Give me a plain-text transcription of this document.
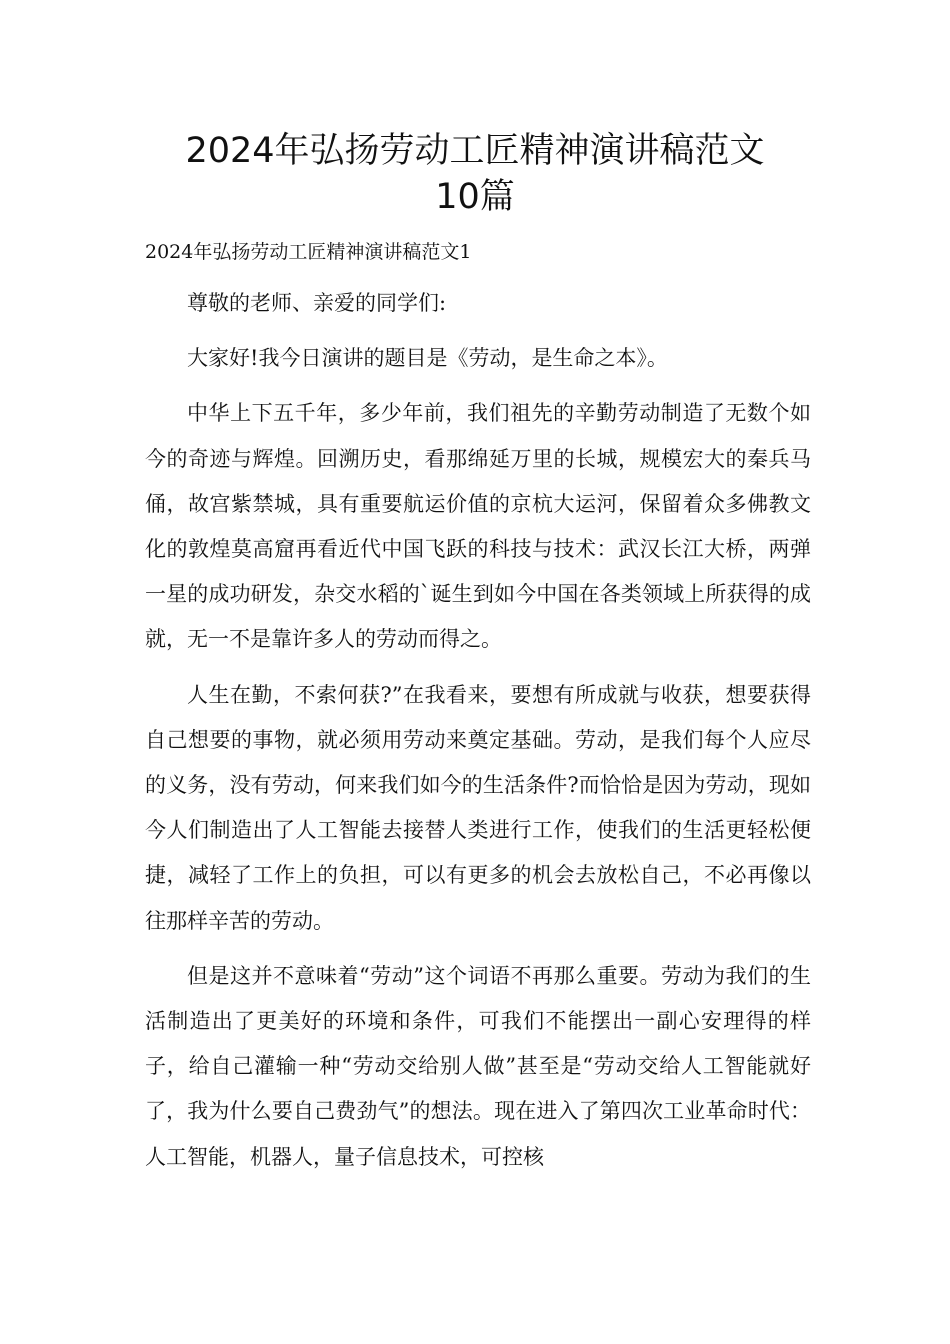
2024年弘扬劳动工匠精神演讲稿范文
10篇
2024年弘扬劳动工匠精神演讲稿范文1

尊敬的老师、亲爱的同学们:

大家好!我今日演讲的题目是《劳动，是生命之本》。

中华上下五千年，多少年前，我们祖先的辛勤劳动制造了无数个如今的奇迹与辉煌。回溯历史，看那绵延万里的长城，规模宏大的秦兵马俑，故宫紫禁城，具有重要航运价值的京杭大运河，保留着众多佛教文化的敦煌莫高窟再看近代中国飞跃的科技与技术：武汉长江大桥，两弹一星的成功研发，杂交水稻的`诞生到如今中国在各类领域上所获得的成就，无一不是靠许多人的劳动而得之。

人生在勤，不索何获?”在我看来，要想有所成就与收获，想要获得自己想要的事物，就必须用劳动来奠定基础。劳动，是我们每个人应尽的义务，没有劳动，何来我们如今的生活条件?而恰恰是因为劳动，现如今人们制造出了人工智能去接替人类进行工作，使我们的生活更轻松便捷，减轻了工作上的负担，可以有更多的机会去放松自己，不必再像以往那样辛苦的劳动。

但是这并不意味着“劳动”这个词语不再那么重要。劳动为我们的生活制造出了更美好的环境和条件，可我们不能摆出一副心安理得的样子，给自己灌输一种“劳动交给别人做”甚至是“劳动交给人工智能就好了，我为什么要自己费劲气”的想法。现在进入了第四次工业革命时代：人工智能，机器人，量子信息技术，可控核
